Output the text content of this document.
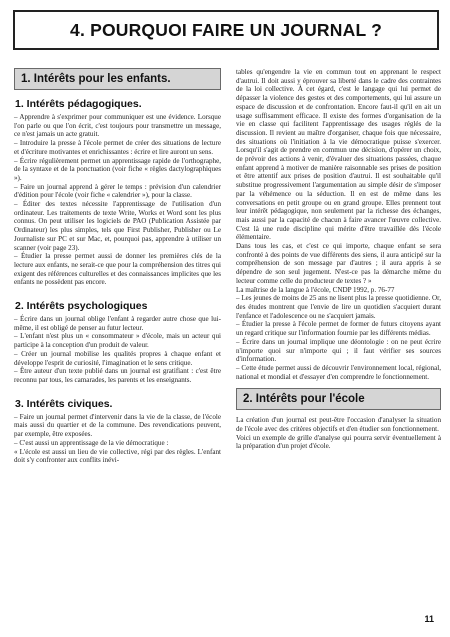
4. POURQUOI FAIRE UN JOURNAL ?
1. Intérêts pour les enfants.
1. Intérêts pédagogiques.
– Apprendre à s'exprimer pour communiquer est une évidence. Lorsque l'on parle ou que l'on écrit, c'est toujours pour transmettre un message, ce n'est jamais un acte gratuit.
– Introduire la presse à l'école permet de créer des situations de lecture et d'écriture motivantes et enrichissantes : écrire et lire auront un sens.
– Écrire régulièrement permet un apprentissage rapide de l'orthographe, de la syntaxe et de la ponctuation (voir fiche « règles dactylographiques »).
– Faire un journal apprend à gérer le temps : prévision d'un calendrier d'édition pour l'école (voir fiche « calendrier »), pour la classe.
– Éditer des textes nécessite l'apprentissage de l'utilisation d'un ordinateur. Les traitements de texte Write, Works et Word sont les plus connus. On peut utiliser les logiciels de PAO (Publication Assistée par Ordinateur) les plus simples, tels que First Publisher, Publisher ou Le Journaliste sur PC et sur Mac, et, pourquoi pas, apprendre à utiliser un scanner (voir page 23).
– Étudier la presse permet aussi de donner les premières clés de la lecture aux enfants, ne serait-ce que pour la compréhension des titres qui exigent des références culturelles et des connaissances implicites que les enfants ne possèdent pas encore.
2. Intérêts psychologiques
– Écrire dans un journal oblige l'enfant à regarder autre chose que lui-même, il est obligé de penser au futur lecteur.
– L'enfant n'est plus un « consommateur » d'école, mais un acteur qui participe à la conception d'un produit de valeur.
– Créer un journal mobilise les qualités propres à chaque enfant et développe l'esprit de curiosité, l'imagination et le sens critique.
– Être auteur d'un texte publié dans un journal est gratifiant : c'est être reconnu par tous, les camarades, les parents et les enseignants.
3. Intérêts civiques.
– Faire un journal permet d'intervenir dans la vie de la classe, de l'école mais aussi du quartier et de la commune. Des revendications peuvent, par exemple, être exposées.
– C'est aussi un apprentissage de la vie démocratique :
« L'école est aussi un lieu de vie collective, régi par des règles. L'enfant doit s'y confronter aux conflits inévi-
tables qu'engendre la vie en commun tout en apprenant le respect d'autrui. Il doit aussi y éprouver sa liberté dans le cadre des contraintes de la loi collective. À cet égard, c'est le langage qui lui permet de dépasser la violence des gestes et des comportements, qui lui assure un espace de discussion et de confrontation. Encore faut-il qu'il en ait un usage suffisamment efficace. Il existe des formes d'organisation de la vie en classe qui facilitent l'apprentissage des usages réglés de la discussion. Il revient au maître d'organiser, chaque fois que nécessaire, des situations où l'initiation à la vie démocratique puisse s'exercer. Lorsqu'il s'agit de prendre en commun une décision, d'opérer un choix, de prévoir des actions à venir, d'évaluer des situations passées, chaque enfant apprend à motiver de manière raisonnable ses prises de position et être attentif aux prises de position d'autrui. Il est souhaitable qu'il substitue progressivement l'argumentation au simple désir de s'imposer par la véhémence ou la séduction. Il en est de même dans les conversations en petit groupe ou en grand groupe. Elles prennent tout leur intérêt pédagogique, non seulement par la richesse des échanges, mais aussi par la capacité de chacun à faire avancer l'œuvre collective. C'est là une rude discipline qui mérite d'être travaillée dès l'école élémentaire.
Dans tous les cas, et c'est ce qui importe, chaque enfant se sera confronté à des points de vue différents des siens, il aura anticipé sur la compréhension de son message par d'autres ; il aura appris à se dépendre de son seul jugement. N'est-ce pas la démarche même du lecteur comme celle du producteur de textes ? »
La maîtrise de la langue à l'école, CNDP 1992, p. 76-77
– Les jeunes de moins de 25 ans ne lisent plus la presse quotidienne. Or, des études montrent que l'envie de lire un quotidien s'acquiert durant l'enfance et l'adolescence ou ne s'acquiert jamais.
– Étudier la presse à l'école permet de former de futurs citoyens ayant un regard critique sur l'information fournie par les différents médias.
– Écrire dans un journal implique une déontologie : on ne peut écrire n'importe quoi sur n'importe qui ; il faut vérifier ses sources d'information.
– Cette étude permet aussi de découvrir l'environnement local, régional, national et mondial et d'essayer d'en comprendre le fonctionnement.
2. Intérêts pour l'école
La création d'un journal est peut-être l'occasion d'analyser la situation de l'école avec des critères objectifs et d'en étudier son fonctionnement.
Voici un exemple de grille d'analyse qui pourra servir éventuellement à la préparation d'un projet d'école.
11
